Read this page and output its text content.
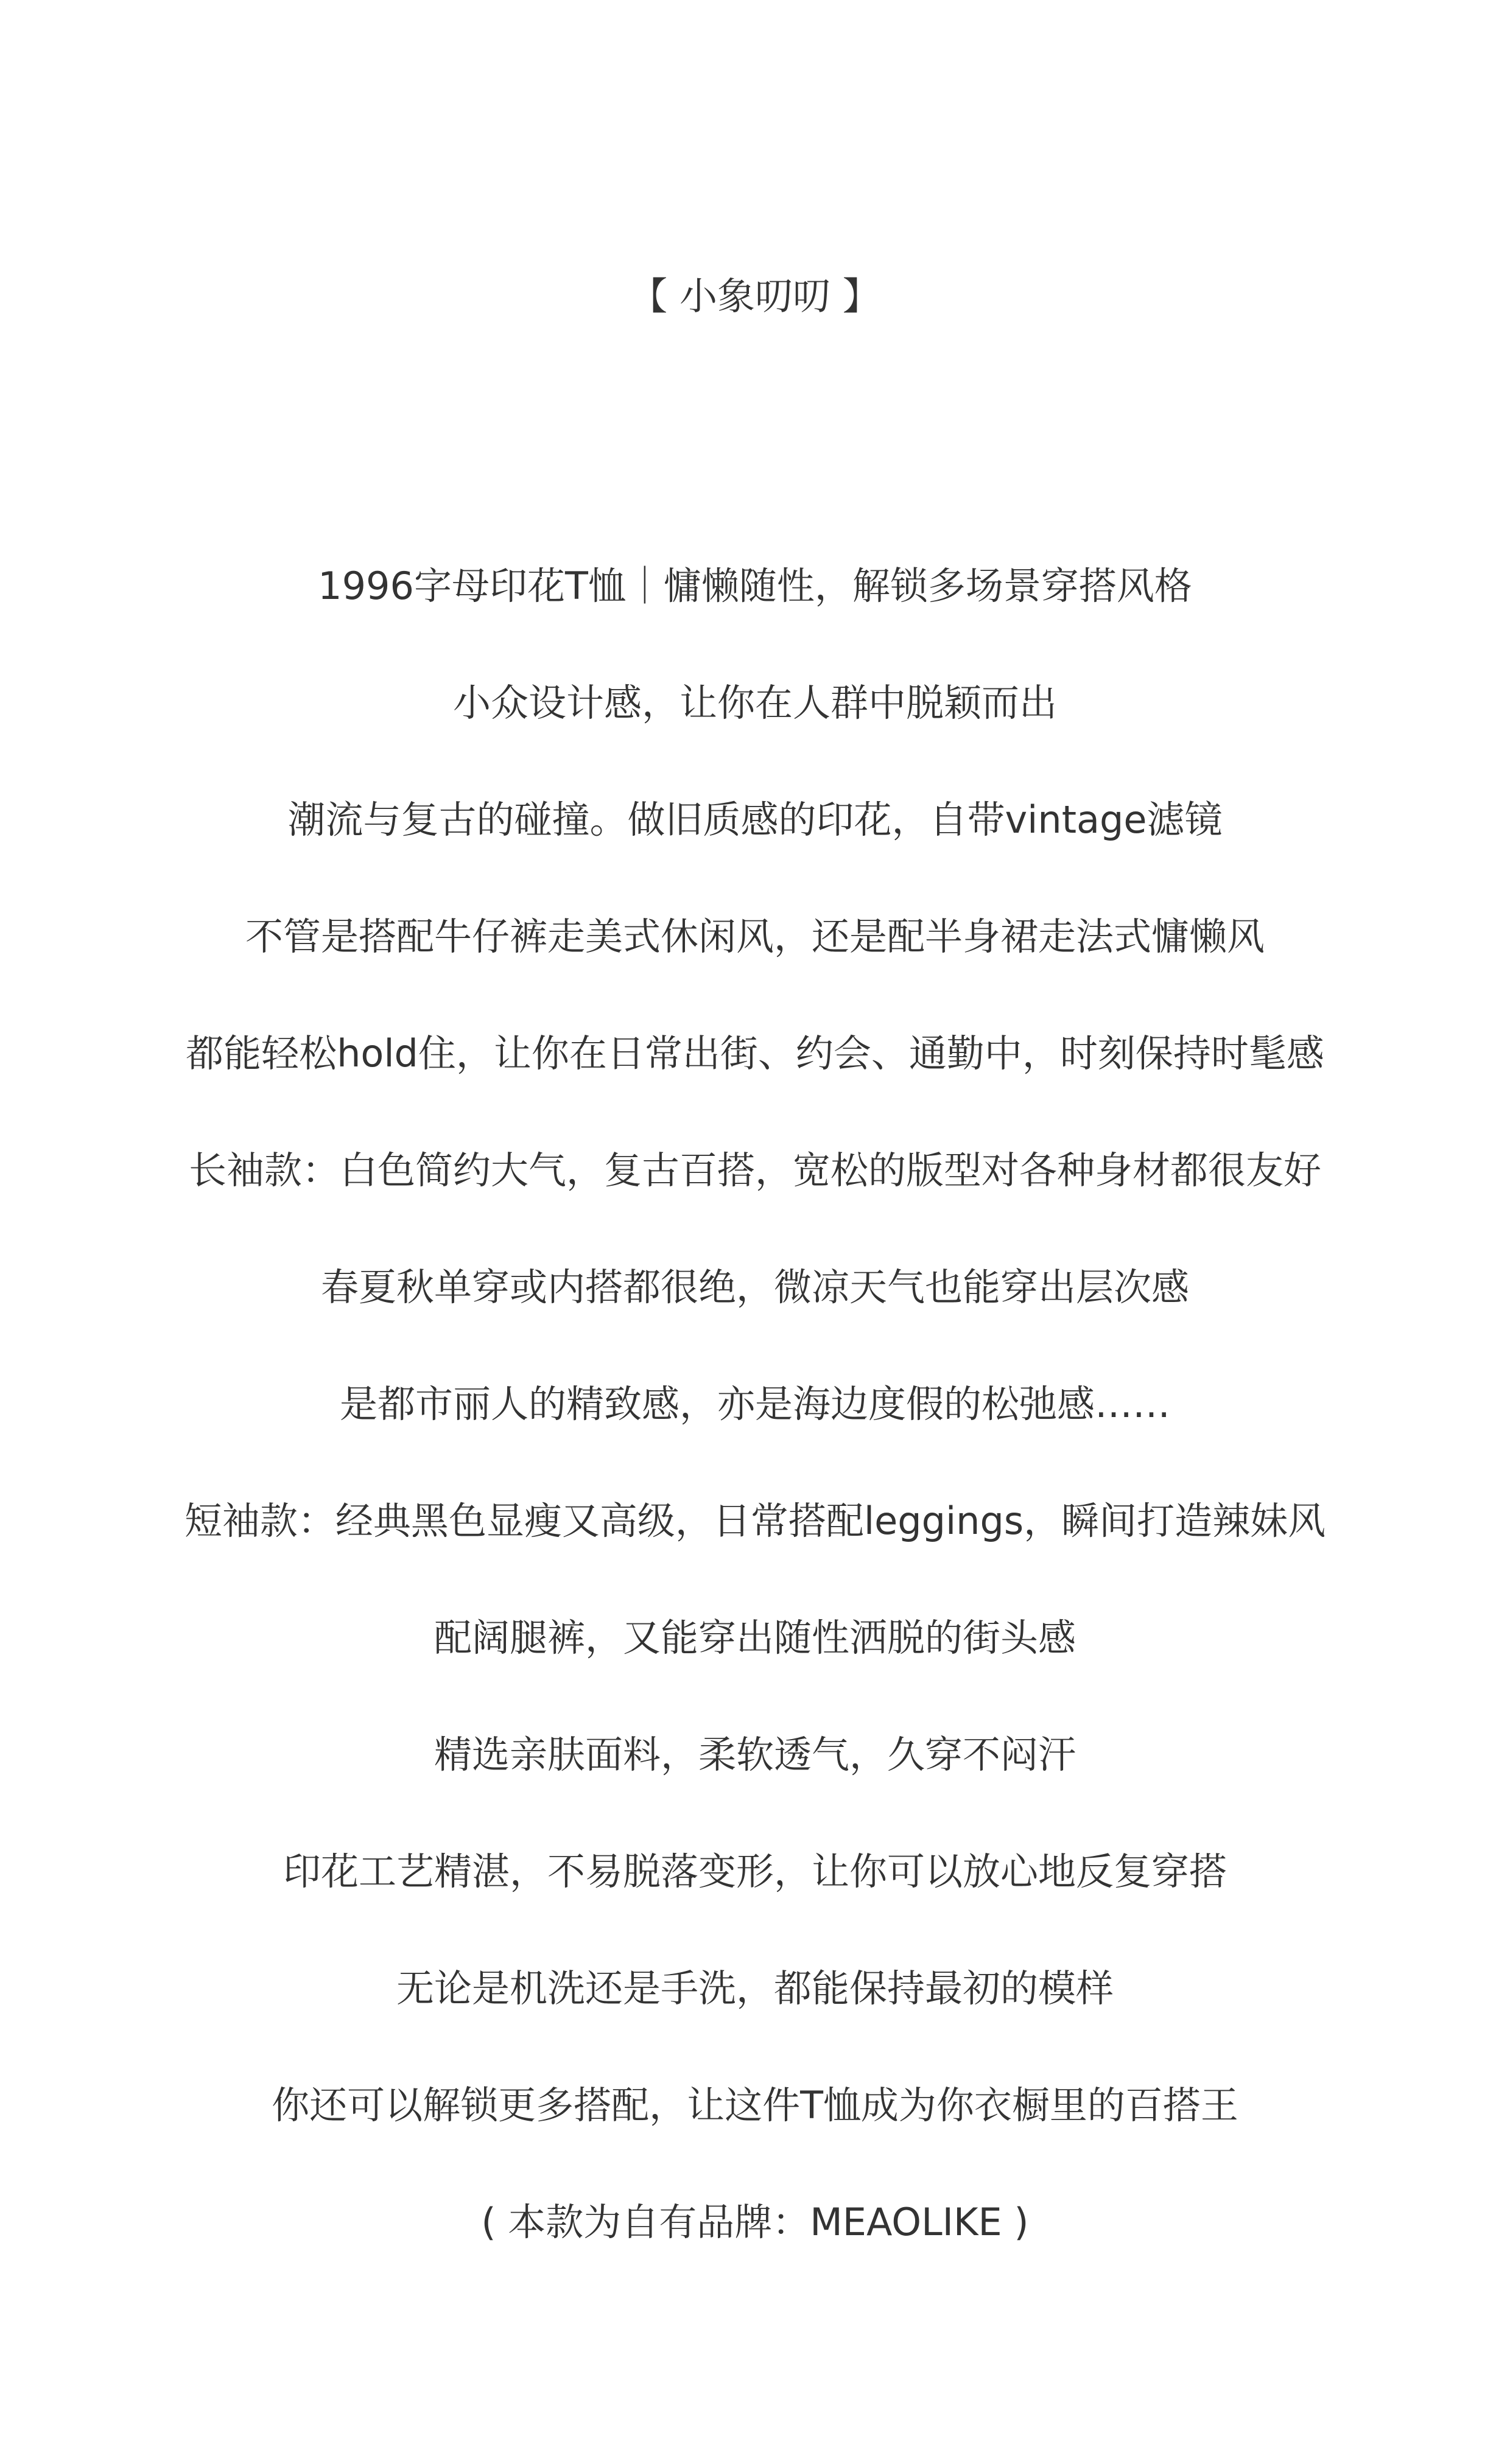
【 小象叨叨 】
1996字母印花T恤｜慵懒随性，解锁多场景穿搭风格
小众设计感，让你在人群中脱颖而出
潮流与复古的碰撞。做旧质感的印花，自带vintage滤镜
不管是搭配牛仔裤走美式休闲风，还是配半身裙走法式慵懒风
都能轻松hold住，让你在日常出街、约会、通勤中，时刻保持时髦感
长袖款：白色简约大气，复古百搭，宽松的版型对各种身材都很友好
春夏秋单穿或内搭都很绝，微凉天气也能穿出层次感
是都市丽人的精致感，亦是海边度假的松弛感……
短袖款：经典黑色显瘦又高级，日常搭配leggings，瞬间打造辣妹风
配阔腿裤，又能穿出随性洒脱的街头感
精选亲肤面料，柔软透气，久穿不闷汗
印花工艺精湛，不易脱落变形，让你可以放心地反复穿搭
无论是机洗还是手洗，都能保持最初的模样
你还可以解锁更多搭配，让这件T恤成为你衣橱里的百搭王
( 本款为自有品牌：MEAOLIKE )
